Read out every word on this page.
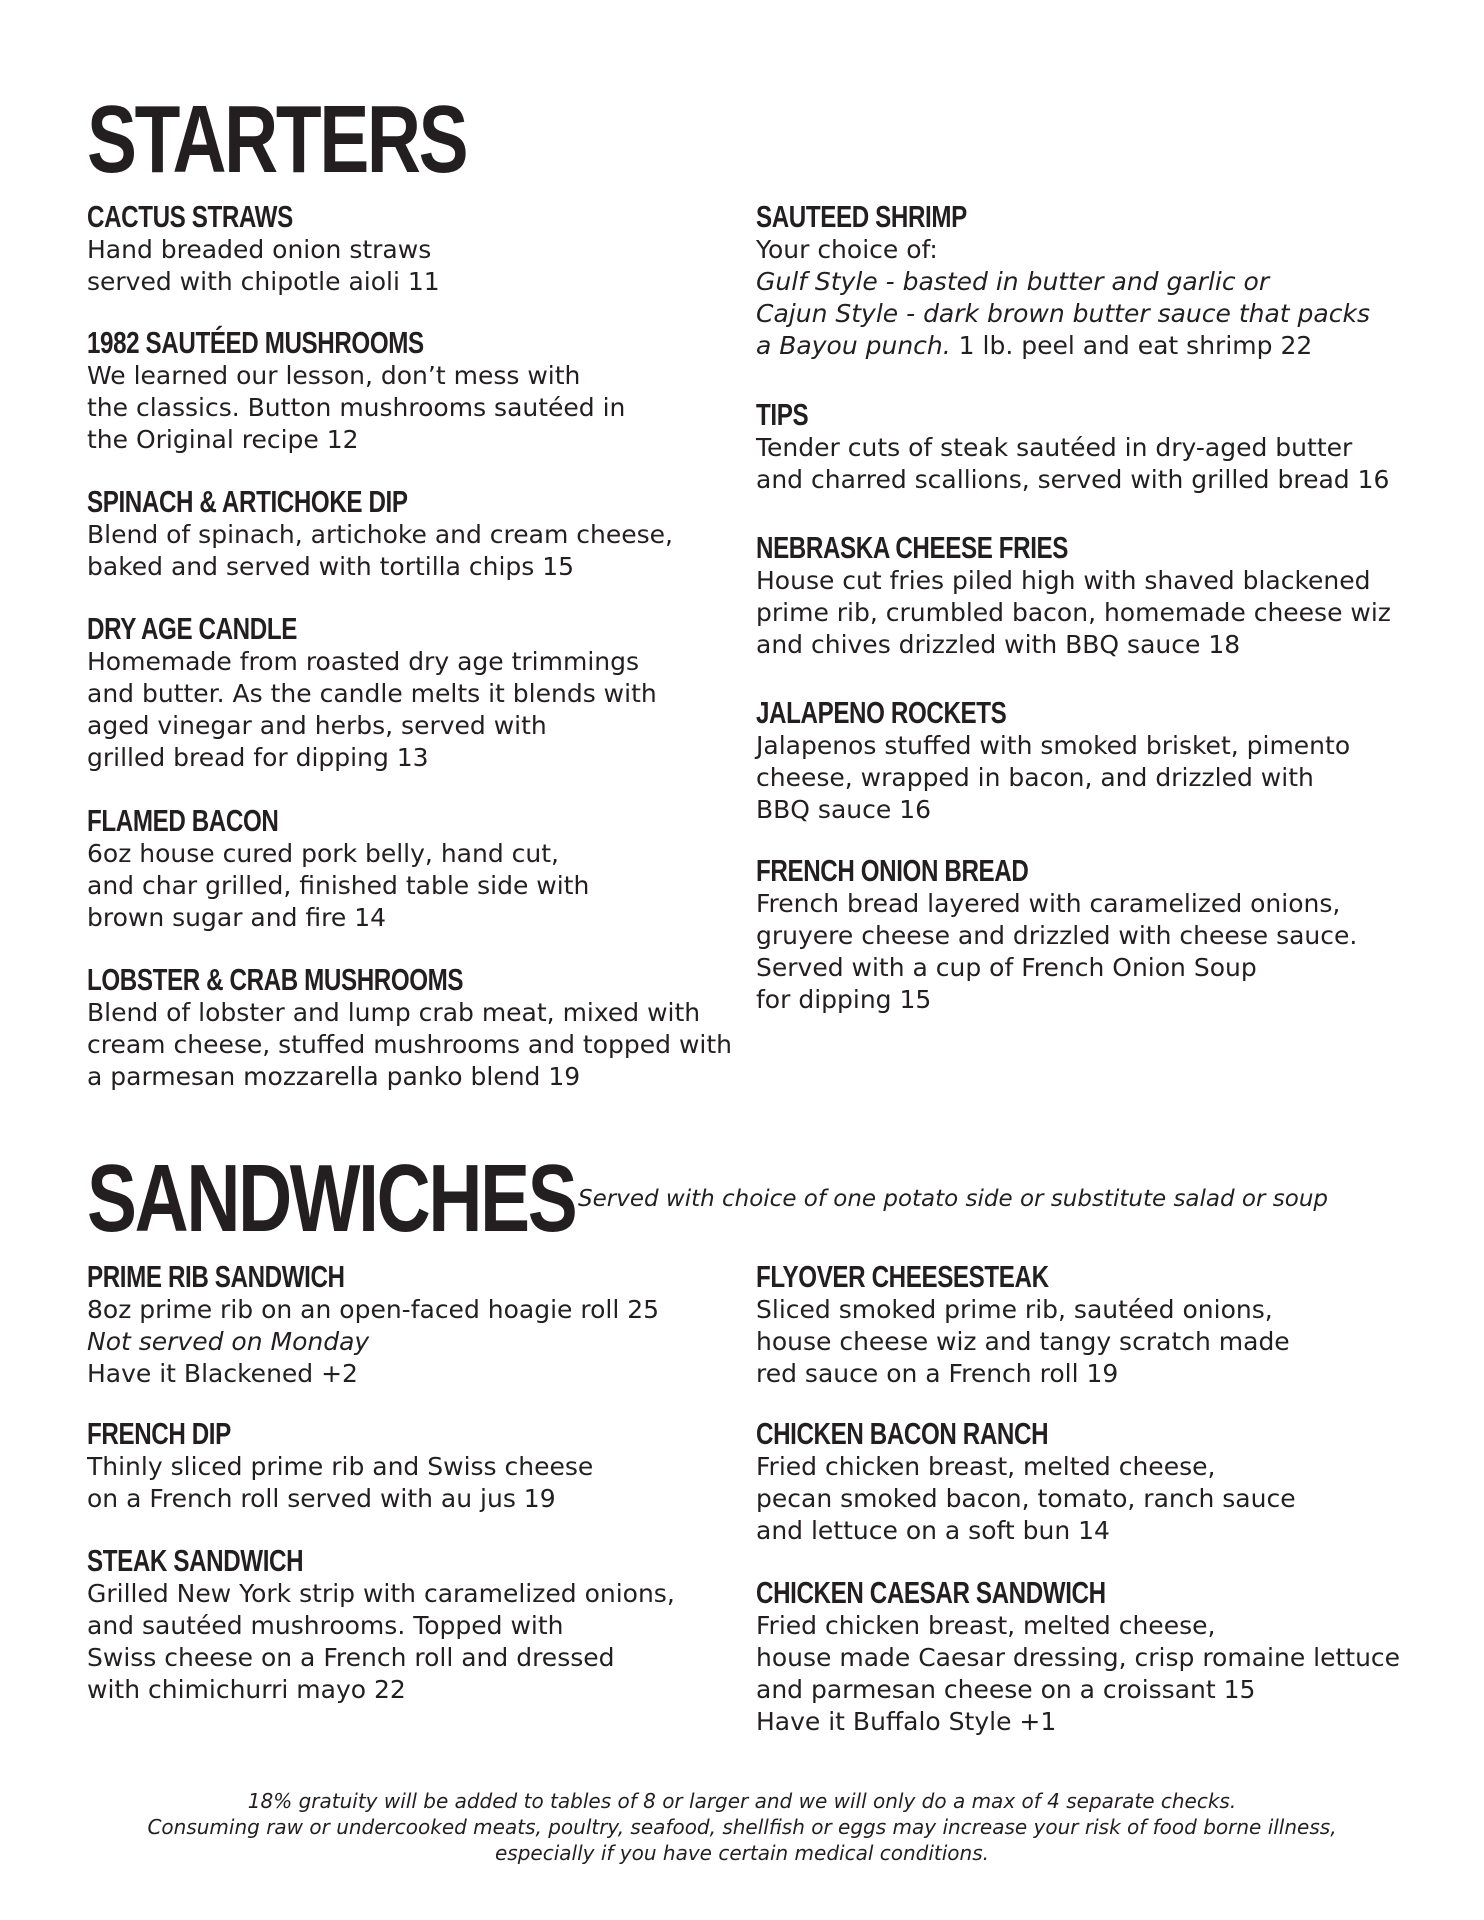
STARTERS
CACTUS STRAWS
Hand breaded onion straws
served with chipotle aioli 11
1982 SAUTÉED MUSHROOMS
We learned our lesson, don’t mess with
the classics. Button mushrooms sautéed in
the Original recipe 12
SPINACH & ARTICHOKE DIP
Blend of spinach, artichoke and cream cheese,
baked and served with tortilla chips 15
DRY AGE CANDLE
Homemade from roasted dry age trimmings
and butter. As the candle melts it blends with
aged vinegar and herbs, served with
grilled bread for dipping 13
FLAMED BACON
6oz house cured pork belly, hand cut,
and char grilled, finished table side with
brown sugar and fire 14
LOBSTER & CRAB MUSHROOMS
Blend of lobster and lump crab meat, mixed with
cream cheese, stuffed mushrooms and topped with
a parmesan mozzarella panko blend 19
SAUTEED SHRIMP
Your choice of:
Gulf Style - basted in butter and garlic or
Cajun Style - dark brown butter sauce that packs
a Bayou punch. 1 lb. peel and eat shrimp 22
TIPS
Tender cuts of steak sautéed in dry-aged butter
and charred scallions, served with grilled bread 16
NEBRASKA CHEESE FRIES
House cut fries piled high with shaved blackened
prime rib, crumbled bacon, homemade cheese wiz
and chives drizzled with BBQ sauce 18
JALAPENO ROCKETS
Jalapenos stuffed with smoked brisket, pimento
cheese, wrapped in bacon, and drizzled with
BBQ sauce 16
FRENCH ONION BREAD
French bread layered with caramelized onions,
gruyere cheese and drizzled with cheese sauce.
Served with a cup of French Onion Soup
for dipping 15
SANDWICHES Served with choice of one potato side or substitute salad or soup
PRIME RIB SANDWICH
8oz prime rib on an open-faced hoagie roll 25
Not served on Monday
Have it Blackened +2
FRENCH DIP
Thinly sliced prime rib and Swiss cheese
on a French roll served with au jus 19
STEAK SANDWICH
Grilled New York strip with caramelized onions,
and sautéed mushrooms. Topped with
Swiss cheese on a French roll and dressed
with chimichurri mayo 22
FLYOVER CHEESESTEAK
Sliced smoked prime rib, sautéed onions,
house cheese wiz and tangy scratch made
red sauce on a French roll 19
CHICKEN BACON RANCH
Fried chicken breast, melted cheese,
pecan smoked bacon, tomato, ranch sauce
and lettuce on a soft bun 14
CHICKEN CAESAR SANDWICH
Fried chicken breast, melted cheese,
house made Caesar dressing, crisp romaine lettuce
and parmesan cheese on a croissant 15
Have it Buffalo Style +1
18% gratuity will be added to tables of 8 or larger and we will only do a max of 4 separate checks.
Consuming raw or undercooked meats, poultry, seafood, shellfish or eggs may increase your risk of food borne illness,
especially if you have certain medical conditions.
